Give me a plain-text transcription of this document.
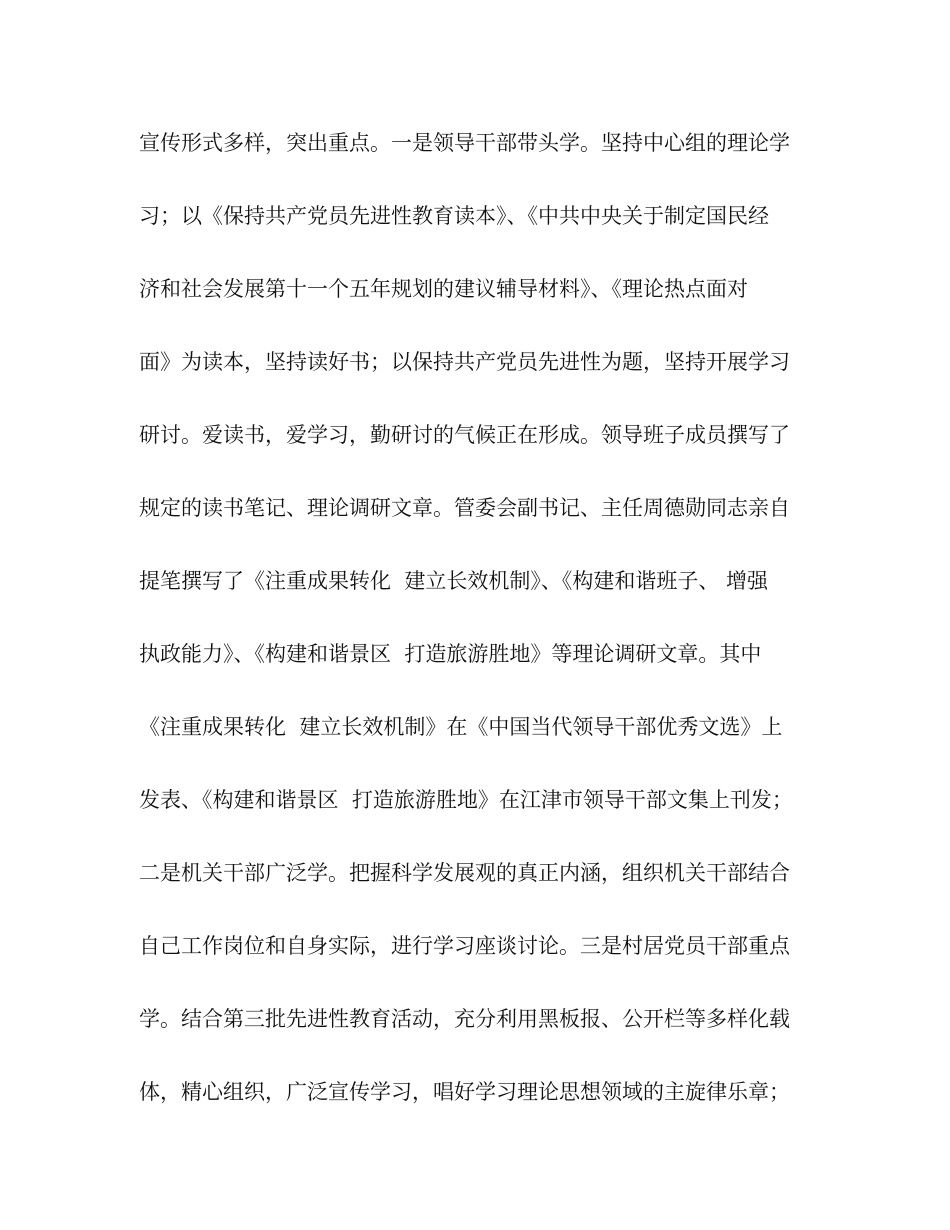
宣传形式多样，突出重点。一是领导干部带头学。坚持中心组的理论学
习；以《保持共产党员先进性教育读本》、《中共中央关于制定国民经
济和社会发展第十一个五年规划的建议辅导材料》、《理论热点面对
面》为读本，坚持读好书；以保持共产党员先进性为题，坚持开展学习
研讨。爱读书，爱学习，勤研讨的气候正在形成。领导班子成员撰写了
规定的读书笔记、理论调研文章。管委会副书记、主任周德勋同志亲自
提笔撰写了《注重成果转化  建立长效机制》、《构建和谐班子、 增强
执政能力》、《构建和谐景区  打造旅游胜地》等理论调研文章。其中
《注重成果转化  建立长效机制》在《中国当代领导干部优秀文选》上
发表、《构建和谐景区  打造旅游胜地》在江津市领导干部文集上刊发；
二是机关干部广泛学。把握科学发展观的真正内涵，组织机关干部结合
自己工作岗位和自身实际，进行学习座谈讨论。三是村居党员干部重点
学。结合第三批先进性教育活动，充分利用黑板报、公开栏等多样化载
体，精心组织，广泛宣传学习，唱好学习理论思想领域的主旋律乐章；
